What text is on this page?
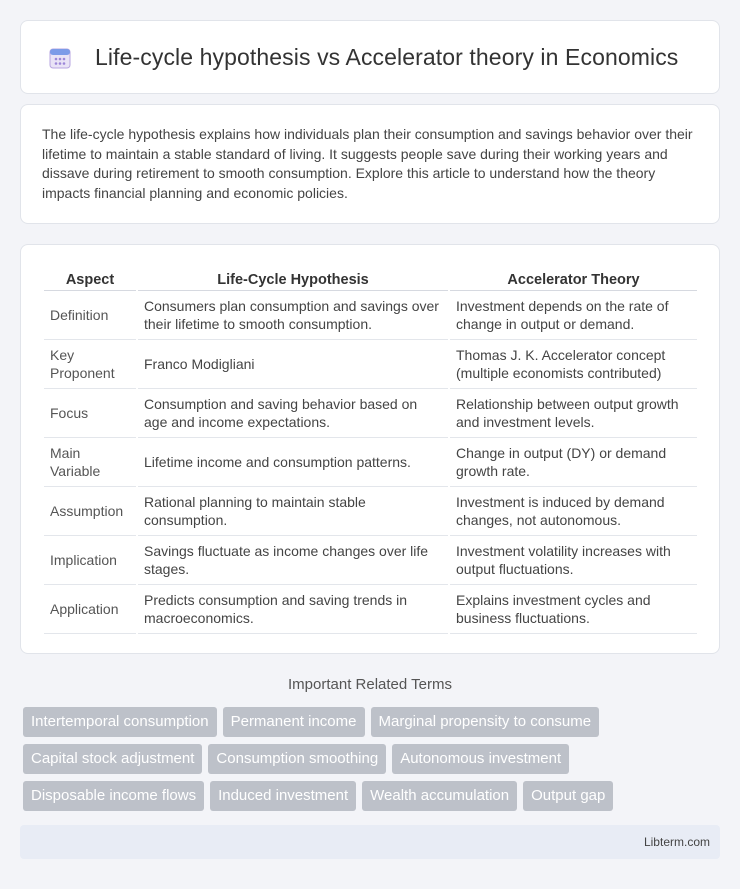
Life-cycle hypothesis vs Accelerator theory in Economics

The life-cycle hypothesis explains how individuals plan their consumption and savings behavior over their lifetime to maintain a stable standard of living. It suggests people save during their working years and dissave during retirement to smooth consumption. Explore this article to understand how the theory impacts financial planning and economic policies.

Aspect	Life-Cycle Hypothesis	Accelerator Theory
Definition	Consumers plan consumption and savings over their lifetime to smooth consumption.	Investment depends on the rate of change in output or demand.
Key Proponent	Franco Modigliani	Thomas J. K. Accelerator concept (multiple economists contributed)
Focus	Consumption and saving behavior based on age and income expectations.	Relationship between output growth and investment levels.
Main Variable	Lifetime income and consumption patterns.	Change in output (DY) or demand growth rate.
Assumption	Rational planning to maintain stable consumption.	Investment is induced by demand changes, not autonomous.
Implication	Savings fluctuate as income changes over life stages.	Investment volatility increases with output fluctuations.
Application	Predicts consumption and saving trends in macroeconomics.	Explains investment cycles and business fluctuations.
Important Related Terms
Intertemporal consumption	Permanent income	Marginal propensity to consume
Capital stock adjustment	Consumption smoothing	Autonomous investment
Disposable income flows	Induced investment	Wealth accumulation	Output gap
Libterm.com
